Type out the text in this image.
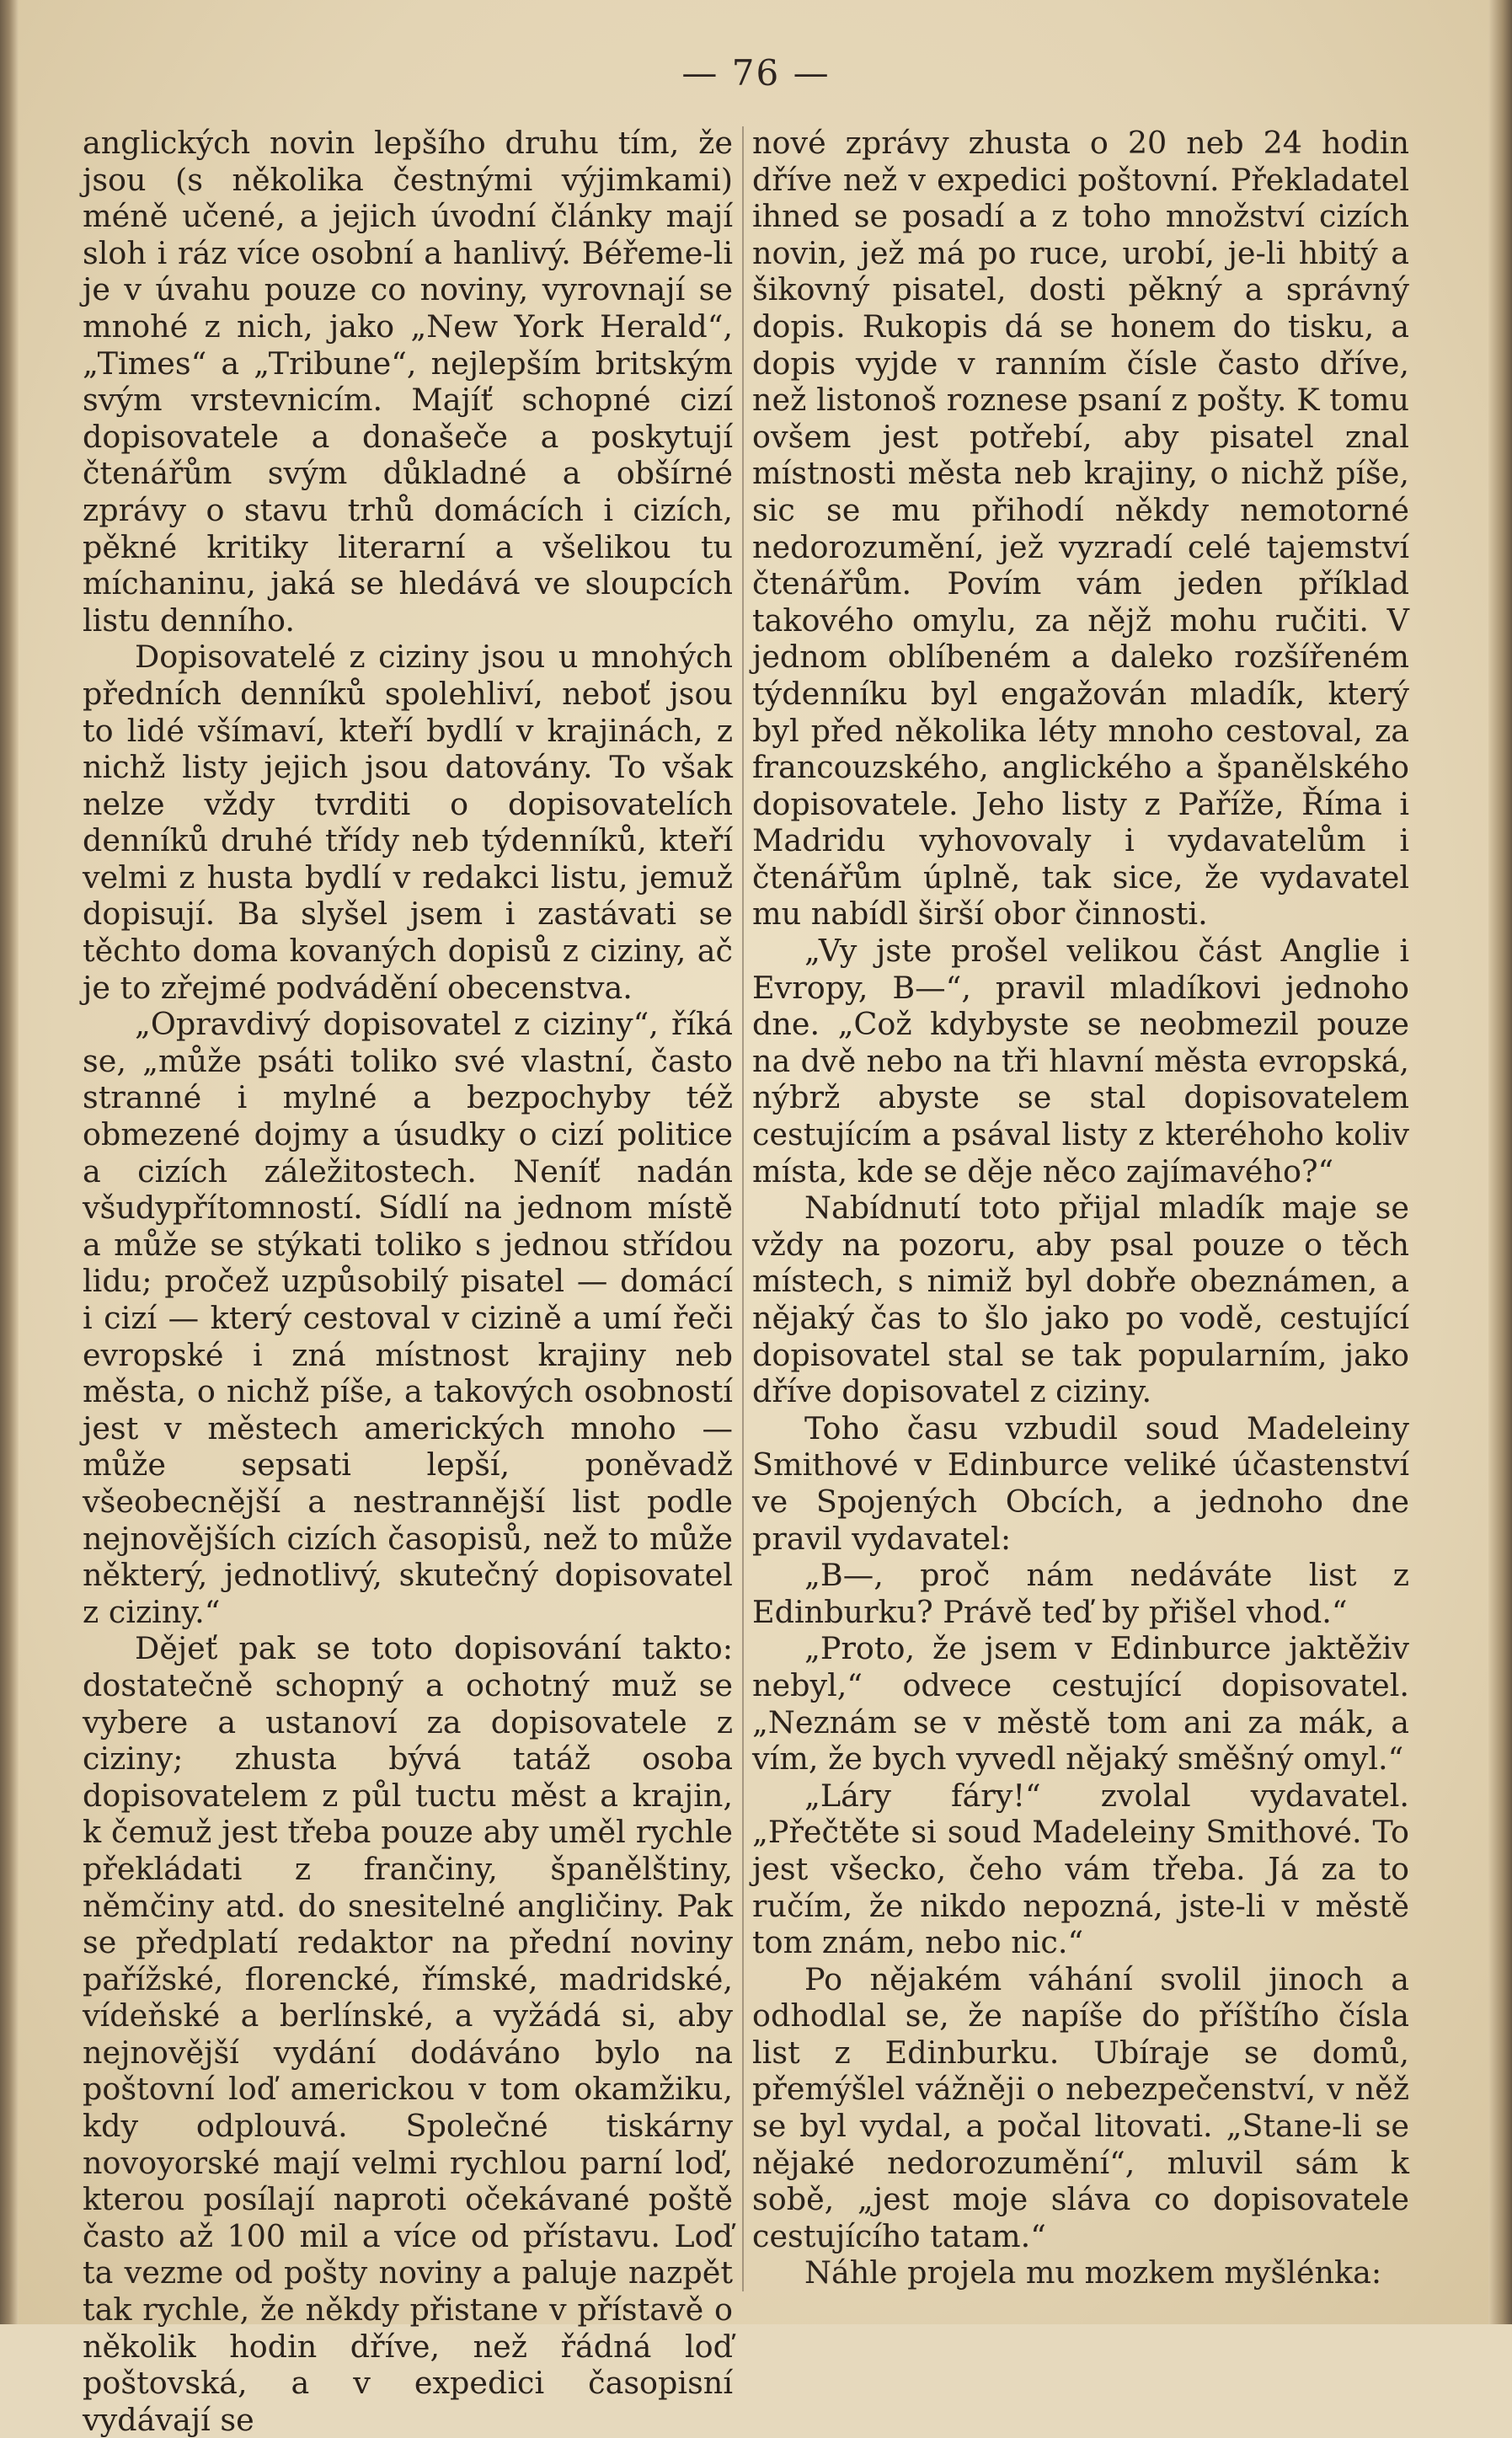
— 76 —

anglických novin lepšího druhu tím, že jsou (s několika čestnými výjimkami) méně učené, a jejich úvodní články mají sloh i ráz více osobní a hanlivý. Béřeme-li je v úvahu pouze co noviny, vyrovnají se mnohé z nich, jako „New York Herald“, „Times“ a „Tribune“, nejlepším britským svým vrstevnicím. Majíť schopné cizí dopisovatele a donašeče a poskytují čtenářům svým důkladné a obšírné zprávy o stavu trhů domácích i cizích, pěkné kritiky literarní a všelikou tu míchaninu, jaká se hledává ve sloupcích listu denního.

Dopisovatelé z ciziny jsou u mnohých předních denníků spolehliví, neboť jsou to lidé všímaví, kteří bydlí v krajinách, z nichž listy jejich jsou datovány. To však nelze vždy tvrditi o dopisovatelích denníků druhé třídy neb týdenníků, kteří velmi z husta bydlí v redakci listu, jemuž dopisují. Ba slyšel jsem i zastávati se těchto doma kovaných dopisů z ciziny, ač je to zřejmé podvádění obecenstva.

„Opravdivý dopisovatel z ciziny“, říká se, „může psáti toliko své vlastní, často stranné i mylné a bezpochyby též obmezené dojmy a úsudky o cizí politice a cizích záležitostech. Neníť nadán všudypřítomností. Sídlí na jednom místě a může se stýkati toliko s jednou střídou lidu; pročež uzpůsobilý pisatel — domácí i cizí — který cestoval v cizině a umí řeči evropské i zná místnost krajiny neb města, o nichž píše, a takových osobností jest v městech amerických mnoho — může sepsati lepší, poněvadž všeobecnější a nestrannější list podle nejnovějších cizích časopisů, než to může některý, jednotlivý, skutečný dopisovatel z ciziny.“

Dějeť pak se toto dopisování takto: dostatečně schopný a ochotný muž se vybere a ustanoví za dopisovatele z ciziny; zhusta bývá tatáž osoba dopisovatelem z půl tuctu měst a krajin, k čemuž jest třeba pouze aby uměl rychle překládati z frančiny, španělštiny, němčiny atd. do snesitelné angličiny. Pak se předplatí redaktor na přední noviny pařížské, florencké, římské, madridské, vídeňské a berlínské, a vyžádá si, aby nejnovější vydání dodáváno bylo na poštovní loď americkou v tom okamžiku, kdy odplouvá. Společné tiskárny novoyorské mají velmi rychlou parní loď, kterou posílají naproti očekávané poště často až 100 mil a více od přístavu. Loď ta vezme od pošty noviny a paluje nazpět tak rychle, že někdy přistane v přístavě o několik hodin dříve, než řádná loď poštovská, a v expedici časopisní vydávají se

nové zprávy zhusta o 20 neb 24 hodin dříve než v expedici poštovní. Překladatel ihned se posadí a z toho množství cizích novin, jež má po ruce, urobí, je-li hbitý a šikovný pisatel, dosti pěkný a správný dopis. Rukopis dá se honem do tisku, a dopis vyjde v ranním čísle často dříve, než listonoš roznese psaní z pošty. K tomu ovšem jest potřebí, aby pisatel znal místnosti města neb krajiny, o nichž píše, sic se mu přihodí někdy nemotorné nedorozumění, jež vyzradí celé tajemství čtenářům. Povím vám jeden příklad takového omylu, za nějž mohu ručiti. V jednom oblíbeném a daleko rozšířeném týdenníku byl engažován mladík, který byl před několika léty mnoho cestoval, za francouzského, anglického a španělského dopisovatele. Jeho listy z Paříže, Říma i Madridu vyhovovaly i vydavatelům i čtenářům úplně, tak sice, že vydavatel mu nabídl širší obor činnosti.

„Vy jste prošel velikou část Anglie i Evropy, B—“, pravil mladíkovi jednoho dne. „Což kdybyste se neobmezil pouze na dvě nebo na tři hlavní města evropská, nýbrž abyste se stal dopisovatelem cestujícím a psával listy z kteréhoho koliv místa, kde se děje něco zajímavého?“

Nabídnutí toto přijal mladík maje se vždy na pozoru, aby psal pouze o těch místech, s nimiž byl dobře obeznámen, a nějaký čas to šlo jako po vodě, cestující dopisovatel stal se tak popularním, jako dříve dopisovatel z ciziny.

Toho času vzbudil soud Madeleiny Smithové v Edinburce veliké účastenství ve Spojených Obcích, a jednoho dne pravil vydavatel:

„B—, proč nám nedáváte list z Edinburku? Právě teď by přišel vhod.“

„Proto, že jsem v Edinburce jaktěživ nebyl,“ odvece cestující dopisovatel. „Neznám se v městě tom ani za mák, a vím, že bych vyvedl nějaký směšný omyl.“

„Láry fáry!“ zvolal vydavatel. „Přečtěte si soud Madeleiny Smithové. To jest všecko, čeho vám třeba. Já za to ručím, že nikdo nepozná, jste-li v městě tom znám, nebo nic.“

Po nějakém váhání svolil jinoch a odhodlal se, že napíše do příštího čísla list z Edinburku. Ubíraje se domů, přemýšlel vážněji o nebezpečenství, v něž se byl vydal, a počal litovati. „Stane-li se nějaké nedorozumění“, mluvil sám k sobě, „jest moje sláva co dopisovatele cestujícího tatam.“

Náhle projela mu mozkem myšlénka:
